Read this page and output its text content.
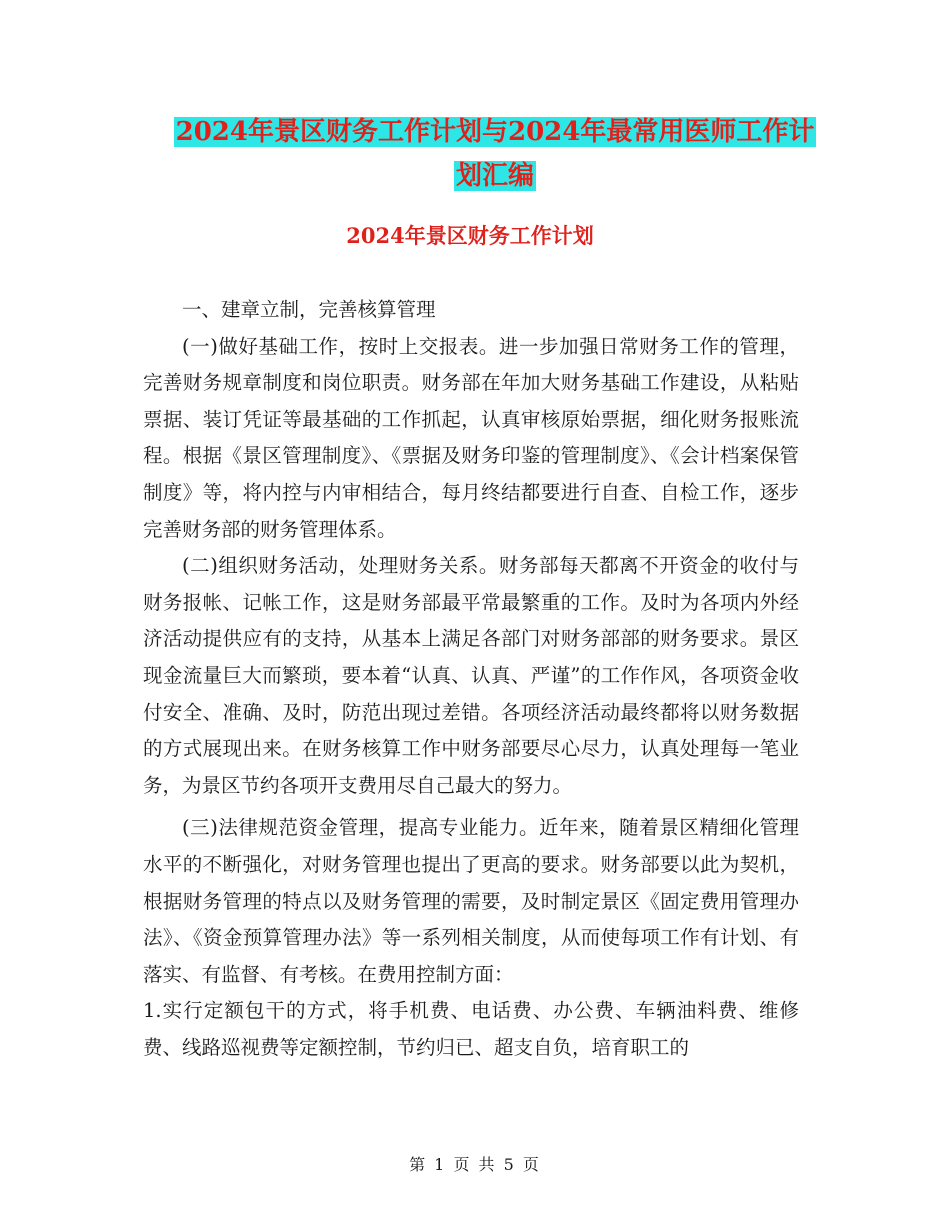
2024年景区财务工作计划与2024年最常用医师工作计
划汇编
2024年景区财务工作计划

一、建章立制，完善核算管理

(一)做好基础工作，按时上交报表。进一步加强日常财务工作的管理，完善财务规章制度和岗位职责。财务部在年加大财务基础工作建设，从粘贴票据、装订凭证等最基础的工作抓起，认真审核原始票据，细化财务报账流程。根据《景区管理制度》、《票据及财务印鉴的管理制度》、《会计档案保管制度》等，将内控与内审相结合，每月终结都要进行自查、自检工作，逐步完善财务部的财务管理体系。

(二)组织财务活动，处理财务关系。财务部每天都离不开资金的收付与财务报帐、记帐工作，这是财务部最平常最繁重的工作。及时为各项内外经济活动提供应有的支持，从基本上满足各部门对财务部部的财务要求。景区现金流量巨大而繁琐，要本着“认真、认真、严谨”的工作作风，各项资金收付安全、准确、及时，防范出现过差错。各项经济活动最终都将以财务数据的方式展现出来。在财务核算工作中财务部要尽心尽力，认真处理每一笔业务，为景区节约各项开支费用尽自己最大的努力。

(三)法律规范资金管理，提高专业能力。近年来，随着景区精细化管理水平的不断强化，对财务管理也提出了更高的要求。财务部要以此为契机，根据财务管理的特点以及财务管理的需要，及时制定景区《固定费用管理办法》、《资金预算管理办法》等一系列相关制度，从而使每项工作有计划、有落实、有监督、有考核。在费用控制方面：

1.实行定额包干的方式，将手机费、电话费、办公费、车辆油料费、维修费、线路巡视费等定额控制，节约归已、超支自负，培育职工的

第 1 页 共 5 页
